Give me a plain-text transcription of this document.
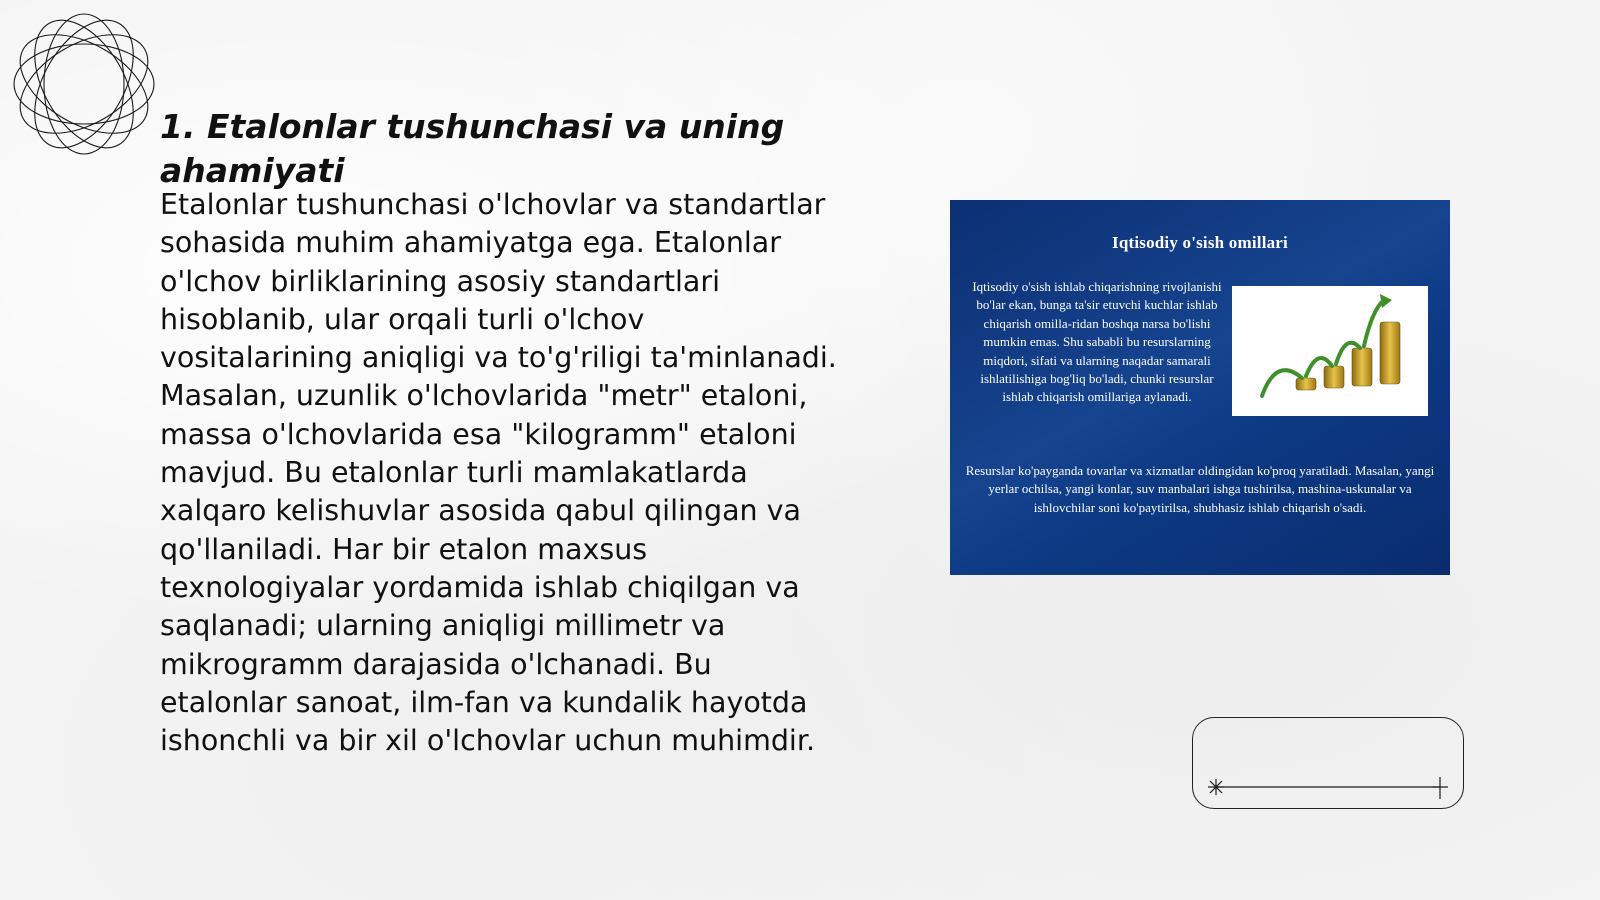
1. Etalonlar tushunchasi va uning ahamiyati

Etalonlar tushunchasi o'lchovlar va standartlar sohasida muhim ahamiyatga ega. Etalonlar o'lchov birliklarining asosiy standartlari hisoblanib, ular orqali turli o'lchov vositalarining aniqligi va to'g'riligi ta'minlanadi. Masalan, uzunlik o'lchovlarida "metr" etaloni, massa o'lchovlarida esa "kilogramm" etaloni mavjud. Bu etalonlar turli mamlakatlarda xalqaro kelishuvlar asosida qabul qilingan va qo'llaniladi. Har bir etalon maxsus texnologiyalar yordamida ishlab chiqilgan va saqlanadi; ularning aniqligi millimetr va mikrogramm darajasida o'lchanadi. Bu etalonlar sanoat, ilm-fan va kundalik hayotda ishonchli va bir xil o'lchovlar uchun muhimdir.

Iqtisodiy o'sish omillari
Iqtisodiy o'sish ishlab chiqarishning rivojlanishi bo'lar ekan, bunga ta'sir etuvchi kuchlar ishlab chiqarish omilla-ridan boshqa narsa bo'lishi mumkin emas. Shu sababli bu resurslarning miqdori, sifati va ularning naqadar samarali ishlatilishiga bog'liq bo'ladi, chunki resurslar ishlab chiqarish omillariga aylanadi.
Resurslar ko'payganda tovarlar va xizmatlar oldingidan ko'proq yaratiladi. Masalan, yangi yerlar ochilsa, yangi konlar, suv manbalari ishga tushirilsa, mashina-uskunalar va ishlovchilar soni ko'paytirilsa, shubhasiz ishlab chiqarish o'sadi.
